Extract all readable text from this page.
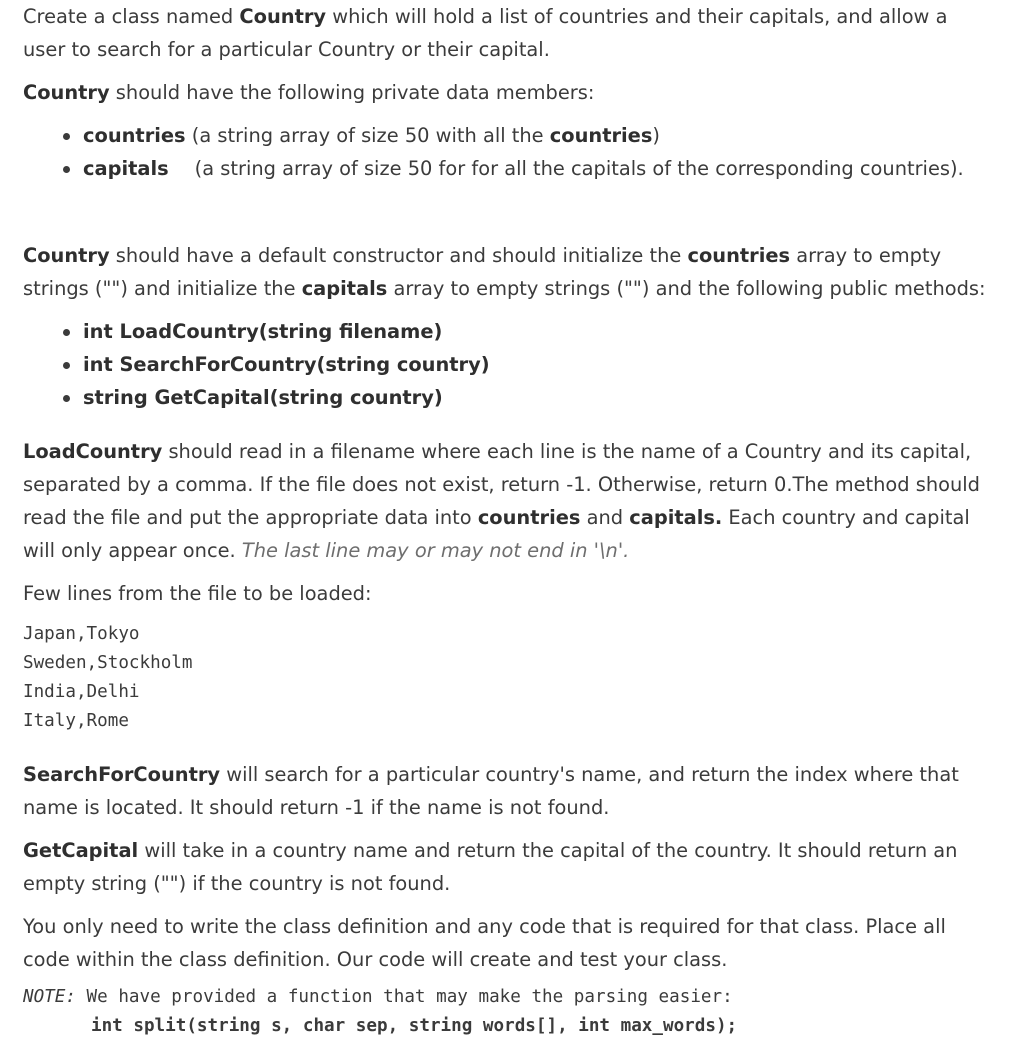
Create a class named Country which will hold a list of countries and their capitals, and allow a user to search for a particular Country or their capital.

Country should have the following private data members:

countries (a string array of size 50 with all the countries)
capitals (a string array of size 50 for for all the capitals of the corresponding countries).

Country should have a default constructor and should initialize the countries array to empty strings ("") and initialize the capitals array to empty strings ("") and the following public methods:

int LoadCountry(string filename)
int SearchForCountry(string country)
string GetCapital(string country)

LoadCountry should read in a filename where each line is the name of a Country and its capital, separated by a comma. If the file does not exist, return -1. Otherwise, return 0.The method should read the file and put the appropriate data into countries and capitals. Each country and capital will only appear once. The last line may or may not end in '\n'.

Few lines from the file to be loaded:

Japan,Tokyo
Sweden,Stockholm
India,Delhi
Italy,Rome

SearchForCountry will search for a particular country's name, and return the index where that name is located. It should return -1 if the name is not found.

GetCapital will take in a country name and return the capital of the country. It should return an empty string ("") if the country is not found.

You only need to write the class definition and any code that is required for that class. Place all code within the class definition. Our code will create and test your class.

NOTE: We have provided a function that may make the parsing easier:
int split(string s, char sep, string words[], int max_words);
